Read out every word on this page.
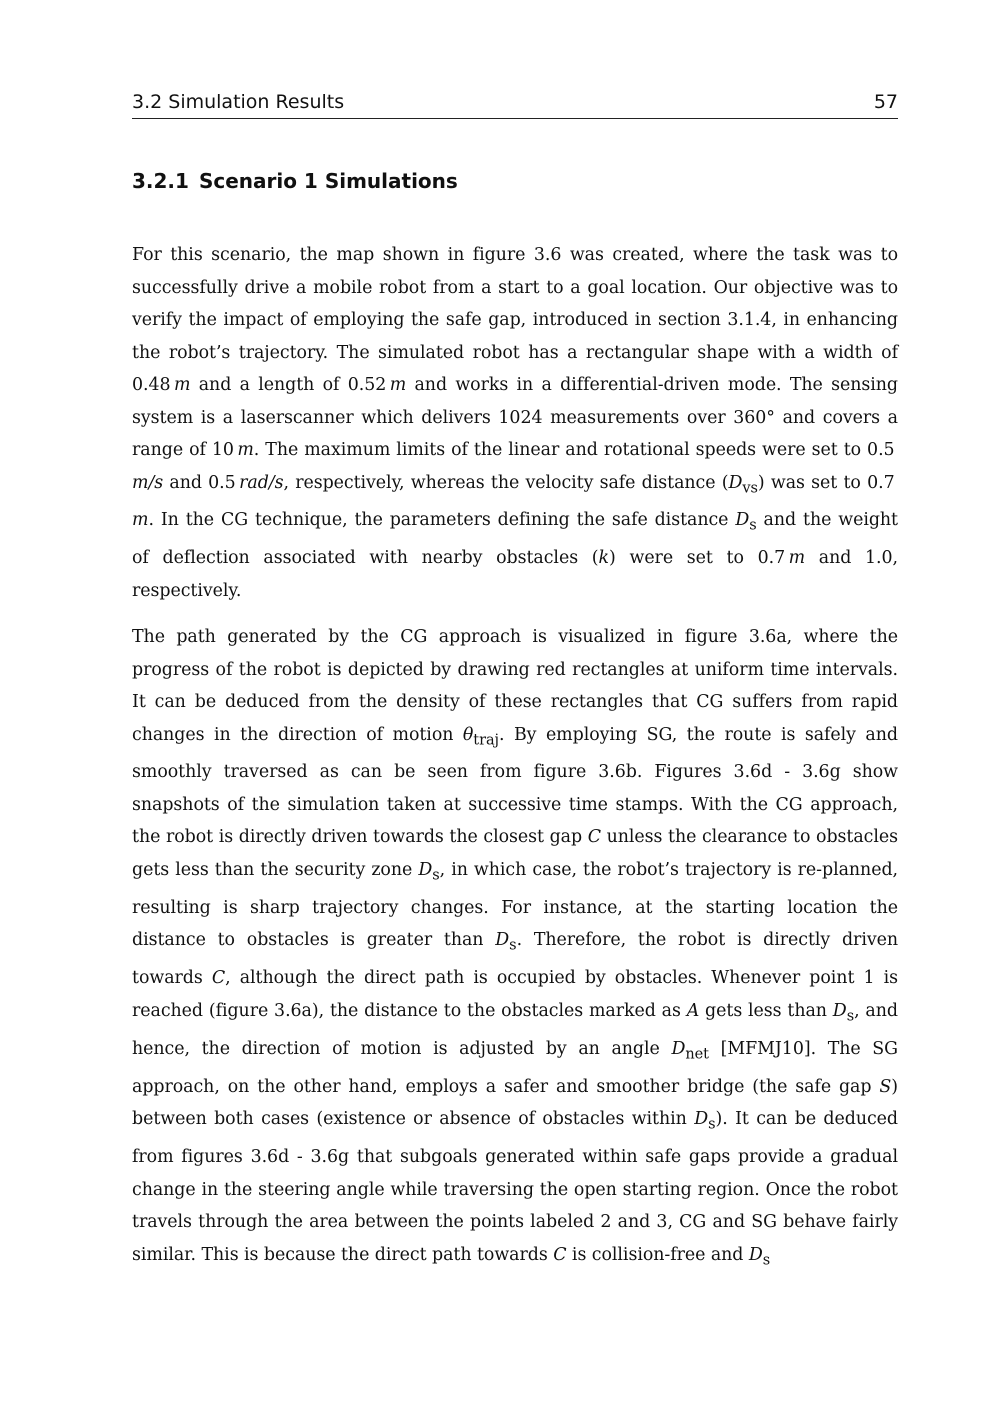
3.2 Simulation Results	57
3.2.1 Scenario 1 Simulations

For this scenario, the map shown in figure 3.6 was created, where the task was to successfully drive a mobile robot from a start to a goal location. Our objective was to verify the impact of employing the safe gap, introduced in section 3.1.4, in enhancing the robot’s trajectory. The simulated robot has a rectangular shape with a width of 0.48 m and a length of 0.52 m and works in a differential-driven mode. The sensing system is a laserscanner which delivers 1024 measurements over 360° and covers a range of 10 m. The maximum limits of the linear and rotational speeds were set to 0.5 m/s and 0.5 rad/s, respectively, whereas the velocity safe distance $(D_{vs})$ was set to 0.7 m. In the CG technique, the parameters defining the safe distance $D_s$ and the weight of deflection associated with nearby obstacles (k) were set to 0.7 m and 1.0, respectively.

The path generated by the CG approach is visualized in figure 3.6a, where the progress of the robot is depicted by drawing red rectangles at uniform time intervals. It can be deduced from the density of these rectangles that CG suffers from rapid changes in the direction of motion $\theta_{traj}$. By employing SG, the route is safely and smoothly traversed as can be seen from figure 3.6b. Figures 3.6d - 3.6g show snapshots of the simulation taken at successive time stamps. With the CG approach, the robot is directly driven towards the closest gap C unless the clearance to obstacles gets less than the security zone $D_s$, in which case, the robot’s trajectory is re-planned, resulting is sharp trajectory changes. For instance, at the starting location the distance to obstacles is greater than $D_s$. Therefore, the robot is directly driven towards C, although the direct path is occupied by obstacles. Whenever point 1 is reached (figure 3.6a), the distance to the obstacles marked as A gets less than $D_s$, and hence, the direction of motion is adjusted by an angle $D_{net}$ [MFMJ10]. The SG approach, on the other hand, employs a safer and smoother bridge (the safe gap S) between both cases (existence or absence of obstacles within $D_s$). It can be deduced from figures 3.6d - 3.6g that subgoals generated within safe gaps provide a gradual change in the steering angle while traversing the open starting region. Once the robot travels through the area between the points labeled 2 and 3, CG and SG behave fairly similar. This is because the direct path towards C is collision-free and $D_s$
